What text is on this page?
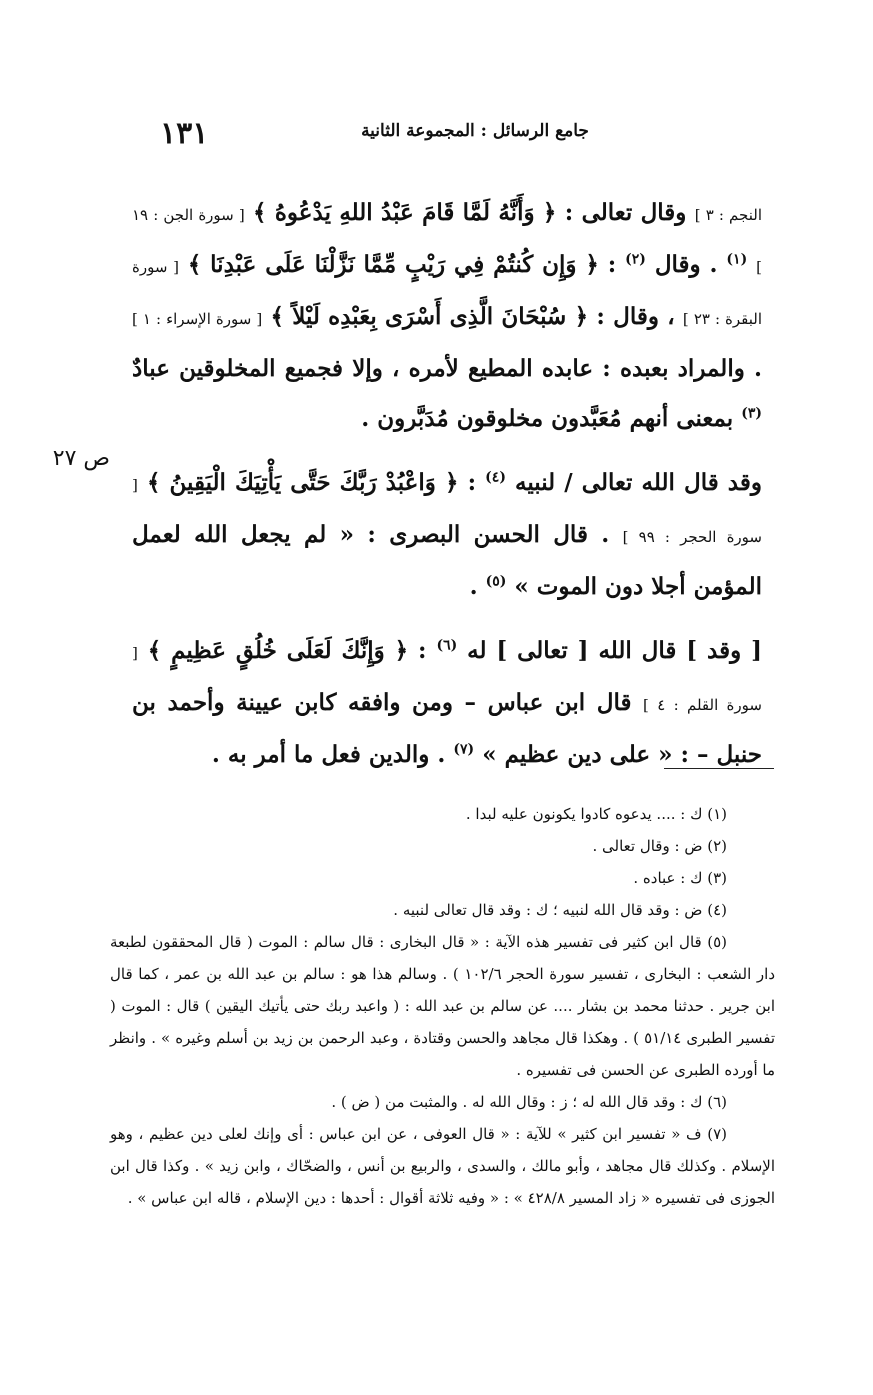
١٣١	جامع الرسائل : المجموعة الثانية
ص ٢٧

النجم : ٣ ] وقال تعالى : ﴿ وَأَنَّهُ لَمَّا قَامَ عَبْدُ اللهِ يَدْعُوهُ ﴾ [ سورة الجن : ١٩ ] $^{(١)}$ . وقال $^{(٢)}$ : ﴿ وَإِن كُنتُمْ فِي رَيْبٍ مِّمَّا نَزَّلْنَا عَلَى عَبْدِنَا ﴾ [ سورة البقرة : ٢٣ ] ، وقال : ﴿ سُبْحَانَ الَّذِى أَسْرَى بِعَبْدِه لَيْلاً ﴾ [ سورة الإسراء : ١ ] . والمراد بعبده : عابده المطيع لأمره ، وإلا فجميع المخلوقين عبادٌ $^{(٣)}$ بمعنى أنهم مُعَبَّدون مخلوقون مُدَبَّرون .

وقد قال الله تعالى / لنبيه $^{(٤)}$ : ﴿ وَاعْبُدْ رَبَّكَ حَتَّى يَأْتِيَكَ الْيَقِينُ ﴾ [ سورة الحجر : ٩٩ ] . قال الحسن البصرى : « لم يجعل الله لعمل المؤمن أجلا دون الموت » $^{(٥)}$ .

[ وقد ] قال الله [ تعالى ] له $^{(٦)}$ : ﴿ وَإِنَّكَ لَعَلَى خُلُقٍ عَظِيمٍ ﴾ [ سورة القلم : ٤ ] قال ابن عباس – ومن وافقه كابن عيينة وأحمد بن حنبل – : « على دين عظيم » $^{(٧)}$ . والدين فعل ما أمر به .

(١) ك : .... يدعوه كادوا يكونون عليه لبدا .

(٢) ض : وقال تعالى .

(٣) ك : عباده .

(٤) ض : وقد قال الله لنبيه ؛ ك : وقد قال تعالى لنبيه .

(٥) قال ابن كثير فى تفسير هذه الآية : « قال البخارى : قال سالم : الموت ( قال المحققون لطبعة دار الشعب : البخارى ، تفسير سورة الحجر ١٠٢/٦ ) . وسالم هذا هو : سالم بن عبد الله بن عمر ، كما قال ابن جرير . حدثنا محمد بن بشار .... عن سالم بن عبد الله : ( واعبد ربك حتى يأتيك اليقين ) قال : الموت ( تفسير الطبرى ٥١/١٤ ) . وهكذا قال مجاهد والحسن وقتادة ، وعبد الرحمن بن زيد بن أسلم وغيره » . وانظر ما أورده الطبرى عن الحسن فى تفسيره .

(٦) ك : وقد قال الله له ؛ ز : وقال الله له . والمثبت من ( ض ) .

(٧) ف « تفسير ابن كثير » للآية : « قال العوفى ، عن ابن عباس : أى وإنك لعلى دين عظيم ، وهو الإسلام . وكذلك قال مجاهد ، وأبو مالك ، والسدى ، والربيع بن أنس ، والضحّاك ، وابن زيد » . وكذا قال ابن الجوزى فى تفسيره « زاد المسير ٤٢٨/٨ » : « وفيه ثلاثة أقوال : أحدها : دين الإسلام ، قاله ابن عباس » .
